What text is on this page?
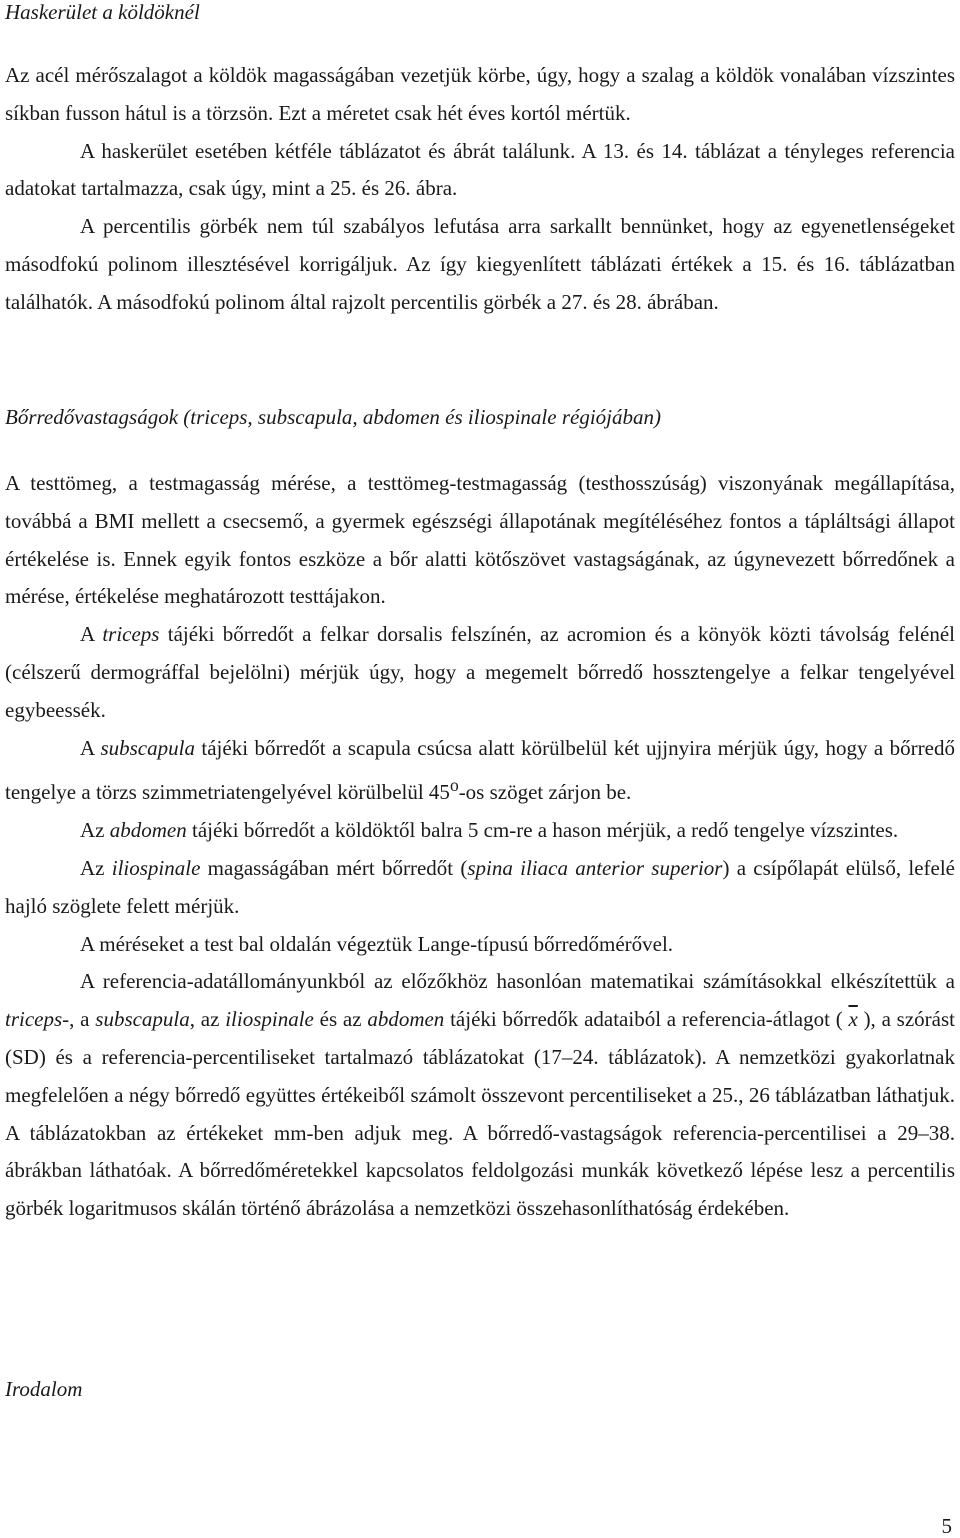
Haskerület a köldöknél

Az acél mérőszalagot a köldök magasságában vezetjük körbe, úgy, hogy a szalag a köldök vonalában vízszintes síkban fusson hátul is a törzsön. Ezt a méretet csak hét éves kortól mértük.

A haskerület esetében kétféle táblázatot és ábrát találunk. A 13. és 14. táblázat a tényleges referencia adatokat tartalmazza, csak úgy, mint a 25. és 26. ábra.

A percentilis görbék nem túl szabályos lefutása arra sarkallt bennünket, hogy az egyenetlenségeket másodfokú polinom illesztésével korrigáljuk. Az így kiegyenlített táblázati értékek a 15. és 16. táblázatban találhatók. A másodfokú polinom által rajzolt percentilis görbék a 27. és 28. ábrában.

Bőrredővastagságok (triceps, subscapula, abdomen és iliospinale régiójában)

A testtömeg, a testmagasság mérése, a testtömeg-testmagasság (testhosszúság) viszonyának megállapítása, továbbá a BMI mellett a csecsemő, a gyermek egészségi állapotának megítéléséhez fontos a tápláltsági állapot értékelése is. Ennek egyik fontos eszköze a bőr alatti kötőszövet vastagságának, az úgynevezett bőrredőnek a mérése, értékelése meghatározott testtájakon.

A triceps tájéki bőrredőt a felkar dorsalis felszínén, az acromion és a könyök közti távolság felénél (célszerű dermográffal bejelölni) mérjük úgy, hogy a megemelt bőrredő hossztengelye a felkar tengelyével egybeessék.

A subscapula tájéki bőrredőt a scapula csúcsa alatt körülbelül két ujjnyira mérjük úgy, hogy a bőrredő tengelye a törzs szimmetriatengelyével körülbelül 45$^o$-os szöget zárjon be.

Az abdomen tájéki bőrredőt a köldöktől balra 5 cm-re a hason mérjük, a redő tengelye vízszintes.

Az iliospinale magasságában mért bőrredőt (spina iliaca anterior superior) a csípőlapát elülső, lefelé hajló szöglete felett mérjük.

A méréseket a test bal oldalán végeztük Lange-típusú bőrredőmérővel.

A referencia-adatállományunkból az előzőkhöz hasonlóan matematikai számításokkal elkészítettük a triceps-, a subscapula, az iliospinale és az abdomen tájéki bőrredők adataiból a referencia-átlagot ( $\overline{x}$ ), a szórást (SD) és a referencia-percentiliseket tartalmazó táblázatokat (17–24. táblázatok). A nemzetközi gyakorlatnak megfelelően a négy bőrredő együttes értékeiből számolt összevont percentiliseket a 25., 26 táblázatban láthatjuk. A táblázatokban az értékeket mm-ben adjuk meg. A bőrredő-vastagságok referencia-percentilisei a 29–38. ábrákban láthatóak. A bőrredőméretekkel kapcsolatos feldolgozási munkák következő lépése lesz a percentilis görbék logaritmusos skálán történő ábrázolása a nemzetközi összehasonlíthatóság érdekében.

Irodalom

5
